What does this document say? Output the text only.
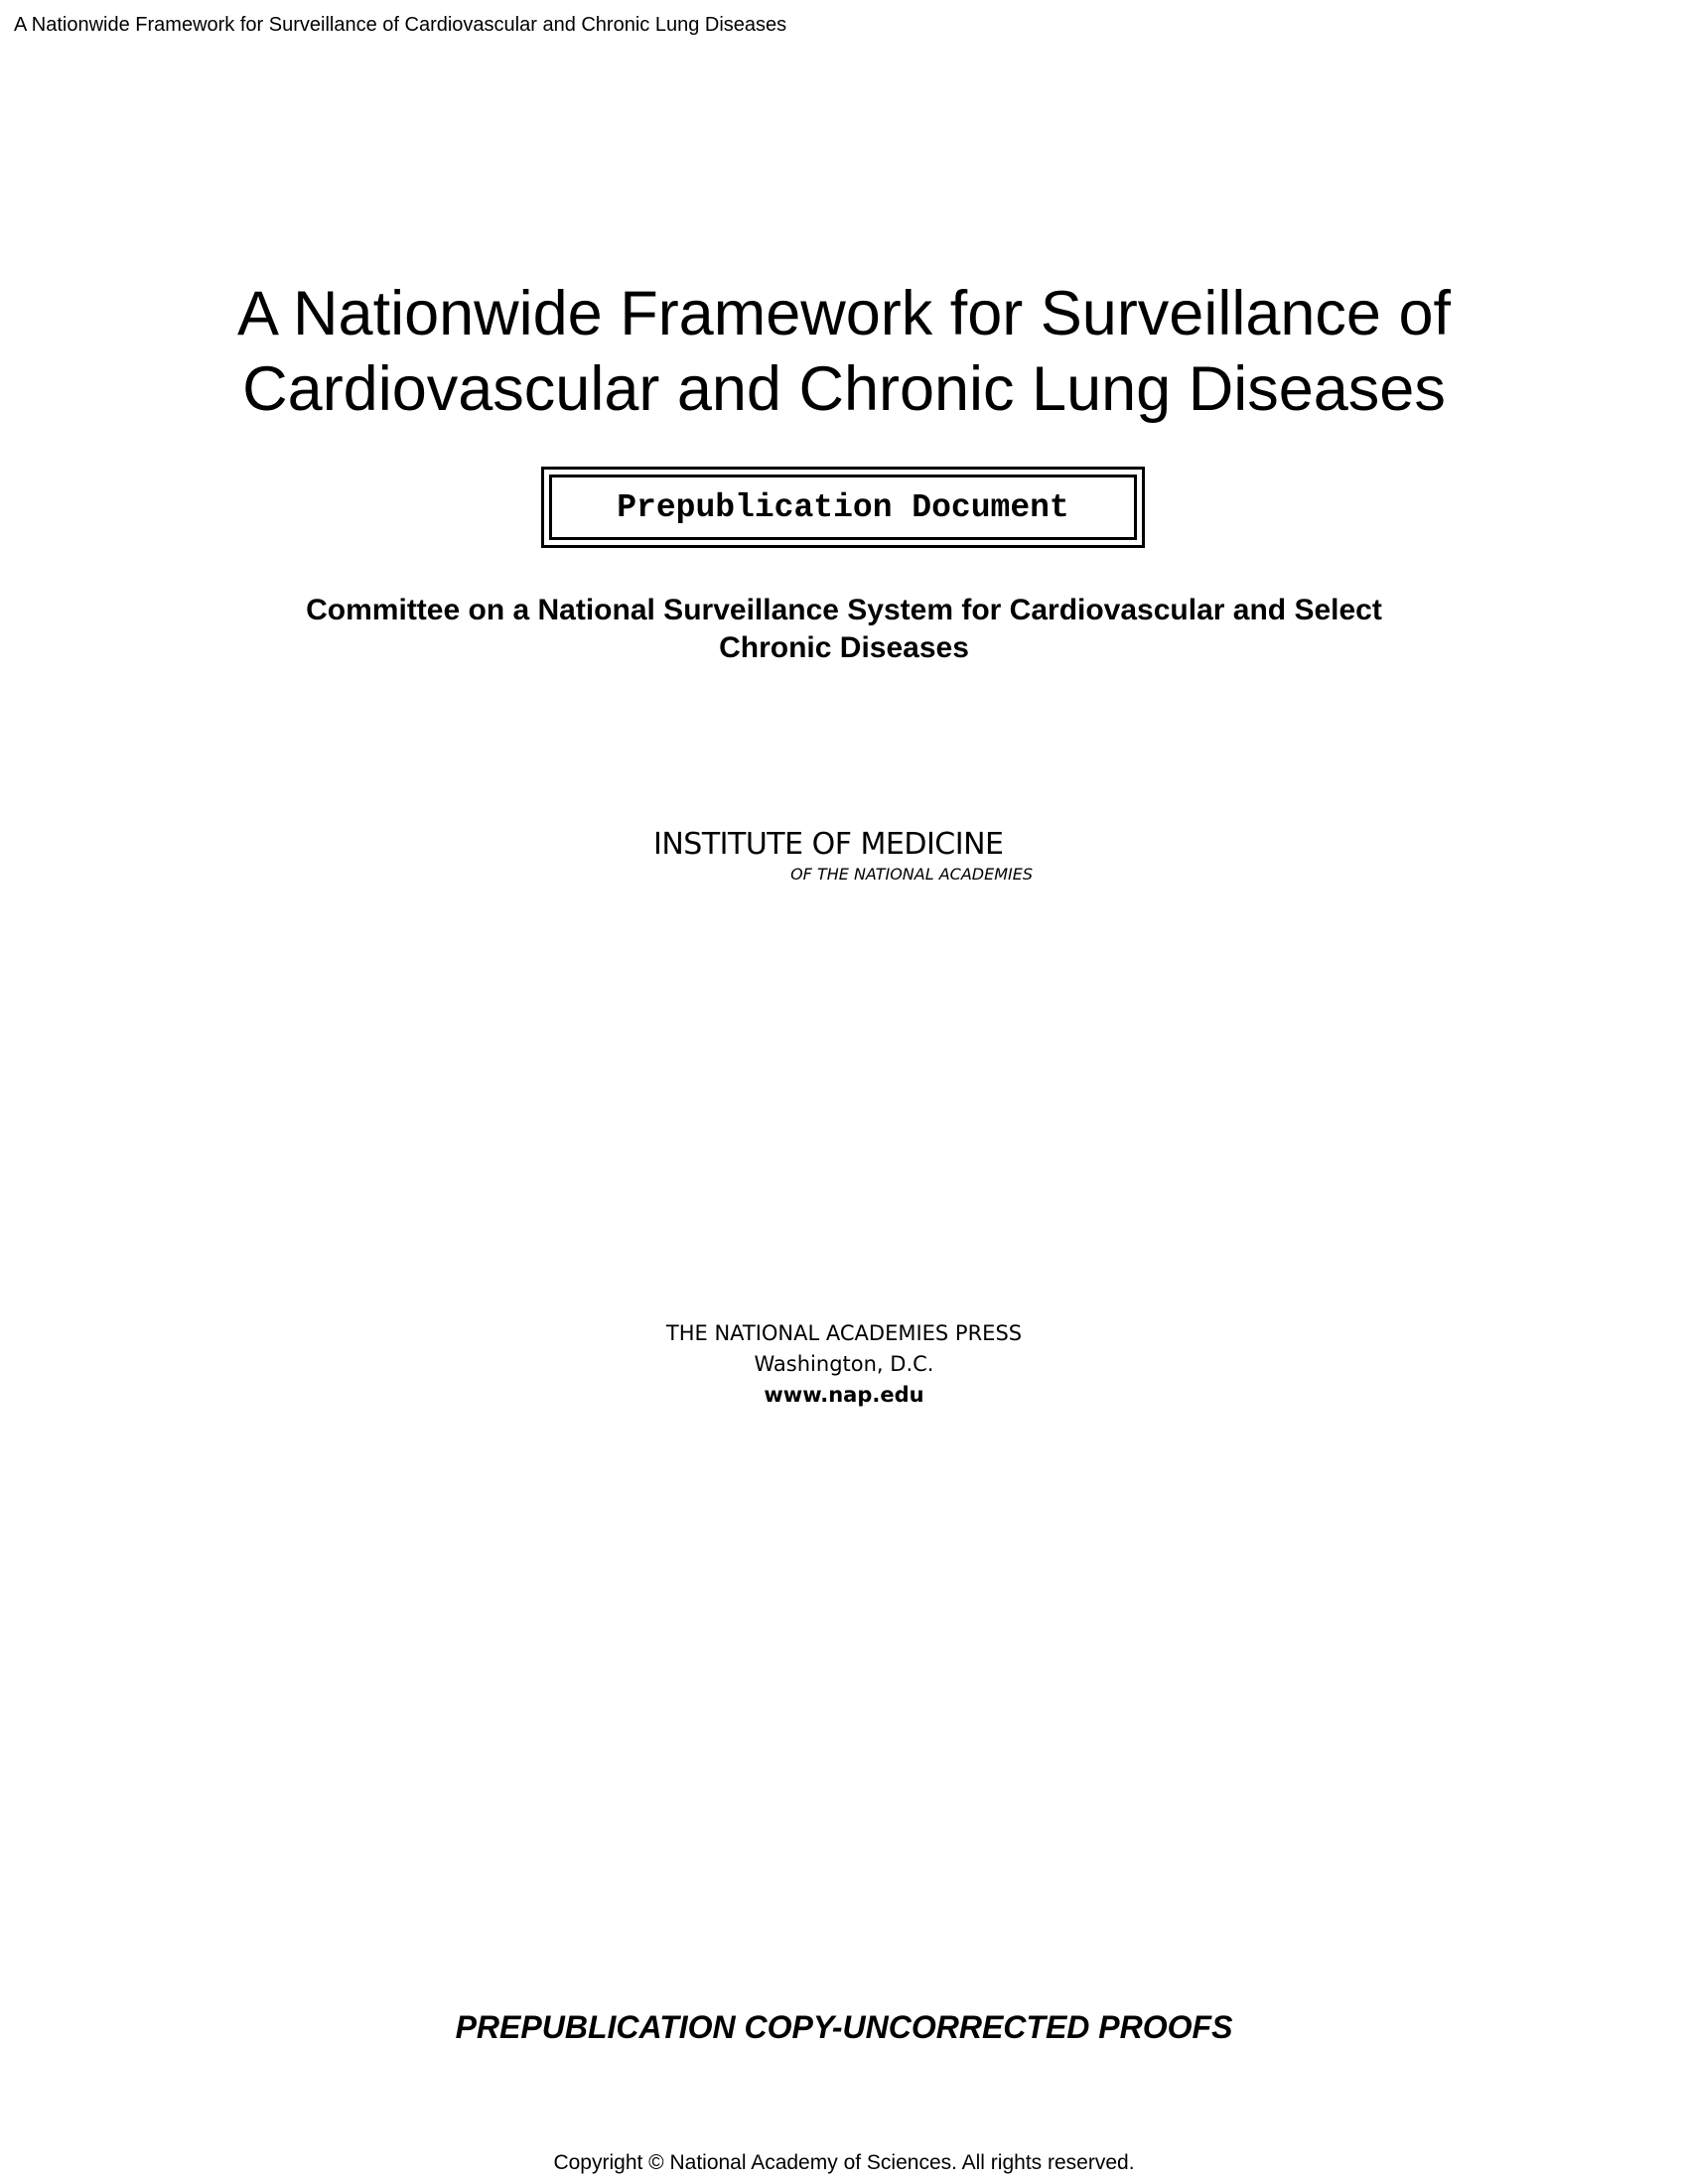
A Nationwide Framework for Surveillance of Cardiovascular and Chronic Lung Diseases
A Nationwide Framework for Surveillance of
Cardiovascular and Chronic Lung Diseases
Prepublication Document
Committee on a National Surveillance System for Cardiovascular and Select
Chronic Diseases
INSTITUTE OF MEDICINE
OF THE NATIONAL ACADEMIES
THE NATIONAL ACADEMIES PRESS
Washington, D.C.
www.nap.edu
PREPUBLICATION COPY-UNCORRECTED PROOFS
Copyright © National Academy of Sciences. All rights reserved.
